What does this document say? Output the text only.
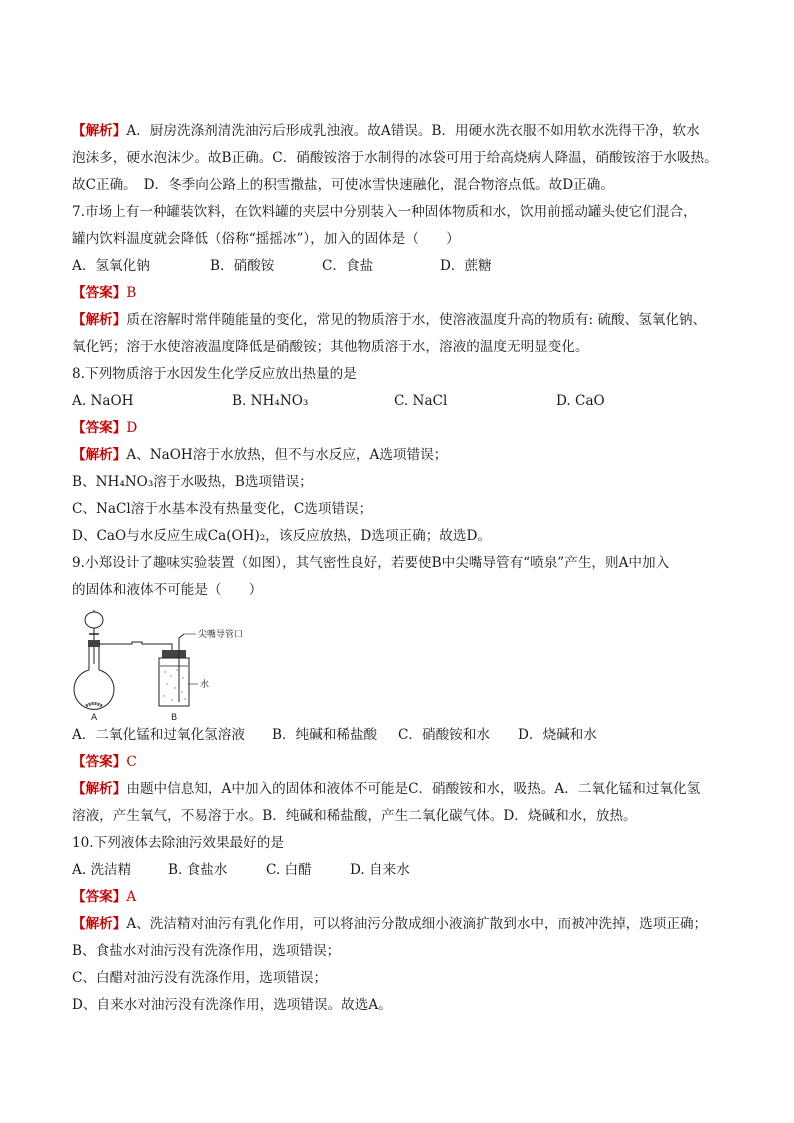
【解析】A．厨房洗涤剂清洗油污后形成乳浊液。故A错误。B．用硬水洗衣服不如用软水洗得干净，软水
泡沫多，硬水泡沫少。故B正确。C．硝酸铵溶于水制得的冰袋可用于给高烧病人降温，硝酸铵溶于水吸热。
故C正确。　D．冬季向公路上的积雪撒盐，可使冰雪快速融化，混合物溶点低。故D正确。
7.市场上有一种罐装饮料，在饮料罐的夹层中分别装入一种固体物质和水，饮用前摇动罐头使它们混合，
罐内饮料温度就会降低（俗称“摇摇冰”），加入的固体是（　　）
A．氢氧化钠	B．硝酸铵	C．食盐	D．蔗糖
【答案】B
【解析】质在溶解时常伴随能量的变化，常见的物质溶于水，使溶液温度升高的物质有: 硫酸、氢氧化钠、
氧化钙；溶于水使溶液温度降低是硝酸铵；其他物质溶于水，溶液的温度无明显变化。
8.下列物质溶于水因发生化学反应放出热量的是
A. NaOH	B. NH₄NO₃	C. NaCl	D. CaO
【答案】D
【解析】A、NaOH溶于水放热，但不与水反应，A选项错误；
B、NH₄NO₃溶于水吸热，B选项错误；
C、NaCl溶于水基本没有热量变化，C选项错误；
D、CaO与水反应生成Ca(OH)₂，该反应放热，D选项正确；故选D。
9.小郑设计了趣味实验装置（如图），其气密性良好，若要使B中尖嘴导管有“喷泉”产生，则A中加入
的固体和液体不可能是（　　）
尖嘴导管口
水
A	B
A．二氧化锰和过氧化氢溶液 B．纯碱和稀盐酸 C．硝酸铵和水 D．烧碱和水
【答案】C
【解析】由题中信息知，A中加入的固体和液体不可能是C．硝酸铵和水，吸热。A．二氧化锰和过氧化氢
溶液，产生氧气，不易溶于水。B．纯碱和稀盐酸，产生二氧化碳气体。D．烧碱和水，放热。
10.下列液体去除油污效果最好的是
A. 洗洁精	B. 食盐水	C. 白醋	D. 自来水
【答案】A
【解析】A、洗洁精对油污有乳化作用，可以将油污分散成细小液滴扩散到水中，而被冲洗掉，选项正确；
B、食盐水对油污没有洗涤作用，选项错误；
C、白醋对油污没有洗涤作用，选项错误；
D、自来水对油污没有洗涤作用，选项错误。故选A。
